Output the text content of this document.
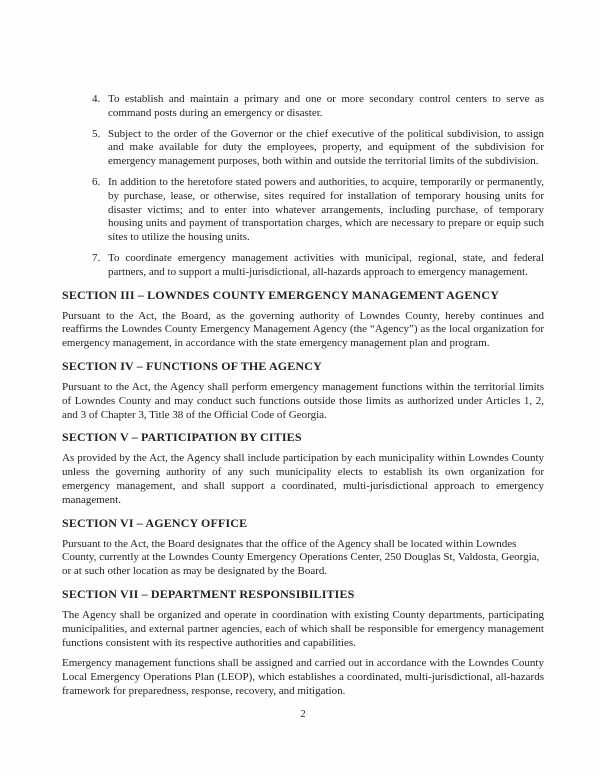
4. To establish and maintain a primary and one or more secondary control centers to serve as command posts during an emergency or disaster.
5. Subject to the order of the Governor or the chief executive of the political subdivision, to assign and make available for duty the employees, property, and equipment of the subdivision for emergency management purposes, both within and outside the territorial limits of the subdivision.
6. In addition to the heretofore stated powers and authorities, to acquire, temporarily or permanently, by purchase, lease, or otherwise, sites required for installation of temporary housing units for disaster victims; and to enter into whatever arrangements, including purchase, of temporary housing units and payment of transportation charges, which are necessary to prepare or equip such sites to utilize the housing units.
7. To coordinate emergency management activities with municipal, regional, state, and federal partners, and to support a multi-jurisdictional, all-hazards approach to emergency management.
SECTION III – LOWNDES COUNTY EMERGENCY MANAGEMENT AGENCY

Pursuant to the Act, the Board, as the governing authority of Lowndes County, hereby continues and reaffirms the Lowndes County Emergency Management Agency (the “Agency”) as the local organization for emergency management, in accordance with the state emergency management plan and program.

SECTION IV – FUNCTIONS OF THE AGENCY

Pursuant to the Act, the Agency shall perform emergency management functions within the territorial limits of Lowndes County and may conduct such functions outside those limits as authorized under Articles 1, 2, and 3 of Chapter 3, Title 38 of the Official Code of Georgia.

SECTION V – PARTICIPATION BY CITIES

As provided by the Act, the Agency shall include participation by each municipality within Lowndes County unless the governing authority of any such municipality elects to establish its own organization for emergency management, and shall support a coordinated, multi-jurisdictional approach to emergency management.

SECTION VI – AGENCY OFFICE

Pursuant to the Act, the Board designates that the office of the Agency shall be located within Lowndes County, currently at the Lowndes County Emergency Operations Center, 250 Douglas St, Valdosta, Georgia, or at such other location as may be designated by the Board.

SECTION VII – DEPARTMENT RESPONSIBILITIES

The Agency shall be organized and operate in coordination with existing County departments, participating municipalities, and external partner agencies, each of which shall be responsible for emergency management functions consistent with its respective authorities and capabilities.

Emergency management functions shall be assigned and carried out in accordance with the Lowndes County Local Emergency Operations Plan (LEOP), which establishes a coordinated, multi-jurisdictional, all-hazards framework for preparedness, response, recovery, and mitigation.

2
